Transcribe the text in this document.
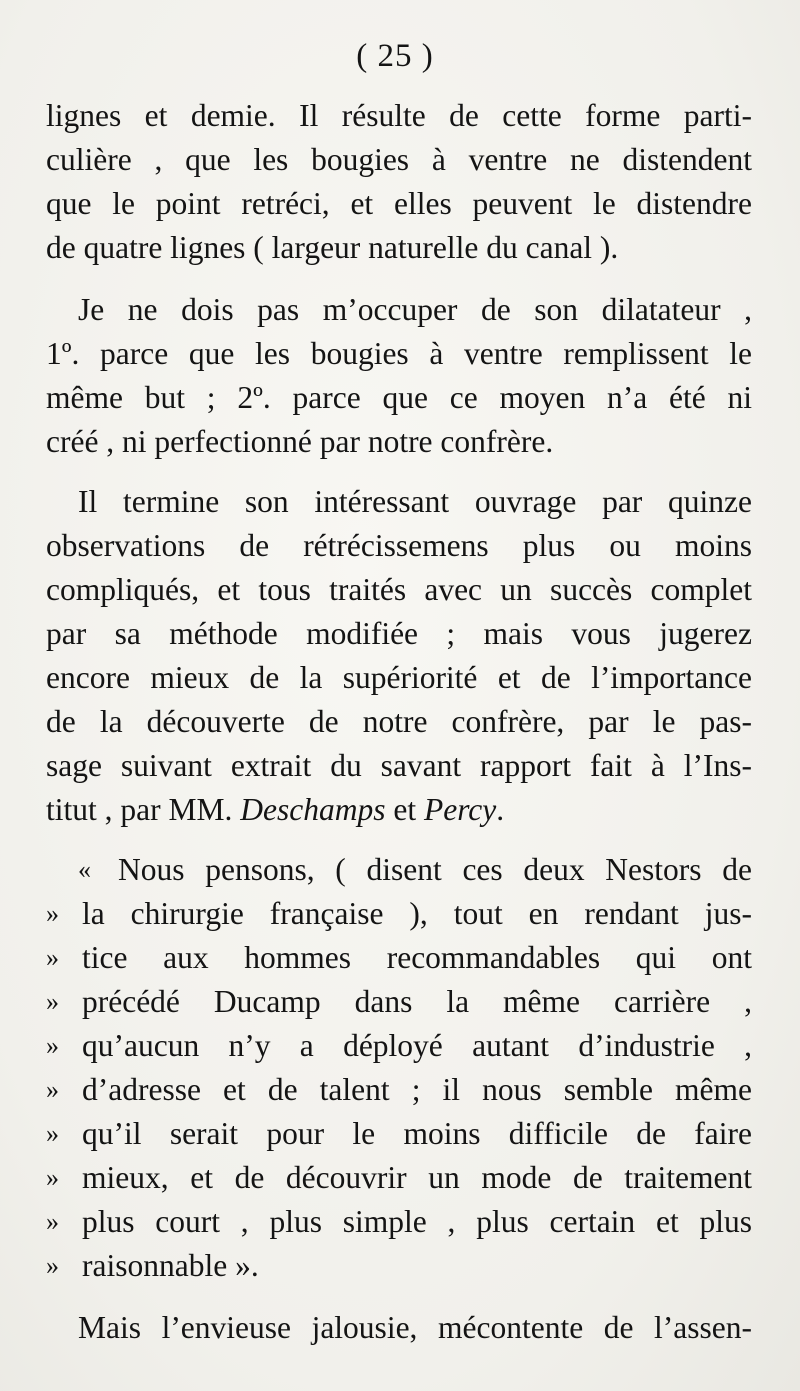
( 25 )
lignes et demie. Il résulte de cette forme parti-
culière , que les bougies à ventre ne distendent
que le point retréci, et elles peuvent le distendre
de quatre lignes ( largeur naturelle du canal ).
Je ne dois pas m’occuper de son dilatateur ,
1º. parce que les bougies à ventre remplissent le
même but ; 2º. parce que ce moyen n’a été ni
créé , ni perfectionné par notre confrère.
Il termine son intéressant ouvrage par quinze
observations de rétrécissemens plus ou moins
compliqués, et tous traités avec un succès complet
par sa méthode modifiée ; mais vous jugerez
encore mieux de la supériorité et de l’importance
de la découverte de notre confrère, par le pas-
sage suivant extrait du savant rapport fait à l’Ins-
titut , par MM. Deschamps et Percy.
« Nous pensons, ( disent ces deux Nestors de
» la chirurgie française ), tout en rendant jus-
» tice aux hommes recommandables qui ont
» précédé Ducamp dans la même carrière ,
» qu’aucun n’y a déployé autant d’industrie ,
» d’adresse et de talent ; il nous semble même
» qu’il serait pour le moins difficile de faire
» mieux, et de découvrir un mode de traitement
» plus court , plus simple , plus certain et plus
» raisonnable ».
Mais l’envieuse jalousie, mécontente de l’assen-
